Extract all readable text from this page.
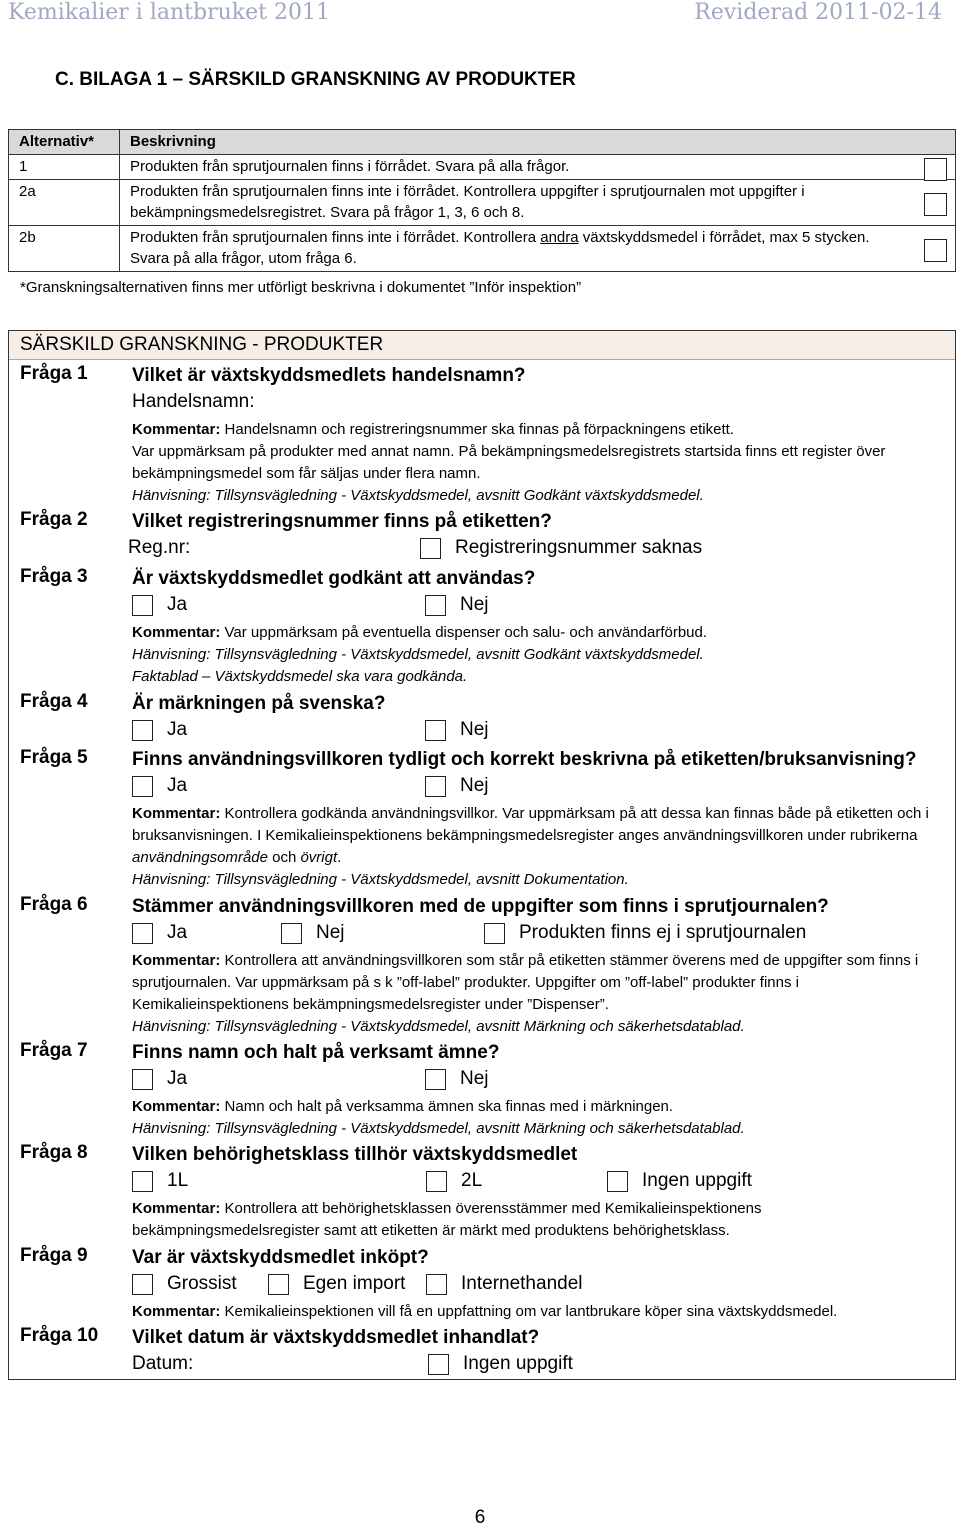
Kemikalier i lantbruket 2011	Reviderad 2011-02-14
C. BILAGA 1 – SÄRSKILD GRANSKNING AV PRODUKTER
Alternativ*	Beskrivning
1	Produkten från sprutjournalen finns i förrådet. Svara på alla frågor.

2a	Produkten från sprutjournalen finns inte i förrådet. Kontrollera uppgifter i sprutjournalen mot uppgifter i bekämpningsmedelsregistret. Svara på frågor 1, 3, 6 och 8.

2b	Produkten från sprutjournalen finns inte i förrådet. Kontrollera andra växtskyddsmedel i förrådet, max 5 stycken. Svara på alla frågor, utom fråga 6.
*Granskningsalternativen finns mer utförligt beskrivna i dokumentet ”Inför inspektion”
SÄRSKILD GRANSKNING - PRODUKTER
Fråga 1 Vilket är växtskyddsmedlets handelsnamn?
Handelsnamn:
Kommentar: Handelsnamn och registreringsnummer ska finnas på förpackningens etikett.
Var uppmärksam på produkter med annat namn. På bekämpningsmedelsregistrets startsida finns ett register över bekämpningsmedel som får säljas under flera namn.
Hänvisning: Tillsynsvägledning - Växtskyddsmedel, avsnitt Godkänt växtskyddsmedel.
Fråga 2 Vilket registreringsnummer finns på etiketten?
Reg.nr:	Registreringsnummer saknas
Fråga 3 Är växtskyddsmedlet godkänt att användas?
Ja	Nej
Kommentar: Var uppmärksam på eventuella dispenser och salu- och användarförbud.
Hänvisning: Tillsynsvägledning - Växtskyddsmedel, avsnitt Godkänt växtskyddsmedel.
Faktablad – Växtskyddsmedel ska vara godkända.
Fråga 4 Är märkningen på svenska?
Ja	Nej
Fråga 5 Finns användningsvillkoren tydligt och korrekt beskrivna på etiketten/bruksanvisning?
Ja	Nej
Kommentar: Kontrollera godkända användningsvillkor. Var uppmärksam på att dessa kan finnas både på etiketten och i bruksanvisningen. I Kemikalieinspektionens bekämpningsmedelsregister anges användningsvillkoren under rubrikerna användningsområde och övrigt.
Hänvisning: Tillsynsvägledning - Växtskyddsmedel, avsnitt Dokumentation.
Fråga 6 Stämmer användningsvillkoren med de uppgifter som finns i sprutjournalen?
Ja	Nej	Produkten finns ej i sprutjournalen
Kommentar: Kontrollera att användningsvillkoren som står på etiketten stämmer överens med de uppgifter som finns i sprutjournalen. Var uppmärksam på s k ”off-label” produkter. Uppgifter om ”off-label” produkter finns i Kemikalieinspektionens bekämpningsmedelsregister under ”Dispenser”.
Hänvisning: Tillsynsvägledning - Växtskyddsmedel, avsnitt Märkning och säkerhetsdatablad.
Fråga 7 Finns namn och halt på verksamt ämne?
Ja	Nej
Kommentar: Namn och halt på verksamma ämnen ska finnas med i märkningen.
Hänvisning: Tillsynsvägledning - Växtskyddsmedel, avsnitt Märkning och säkerhetsdatablad.
Fråga 8 Vilken behörighetsklass tillhör växtskyddsmedlet
1L	2L	Ingen uppgift
Kommentar: Kontrollera att behörighetsklassen överensstämmer med Kemikalieinspektionens bekämpningsmedelsregister samt att etiketten är märkt med produktens behörighetsklass.
Fråga 9 Var är växtskyddsmedlet inköpt?
Grossist	Egen import	Internethandel
Kommentar: Kemikalieinspektionen vill få en uppfattning om var lantbrukare köper sina växtskyddsmedel.
Fråga 10 Vilket datum är växtskyddsmedlet inhandlat?
Datum:	Ingen uppgift
6
